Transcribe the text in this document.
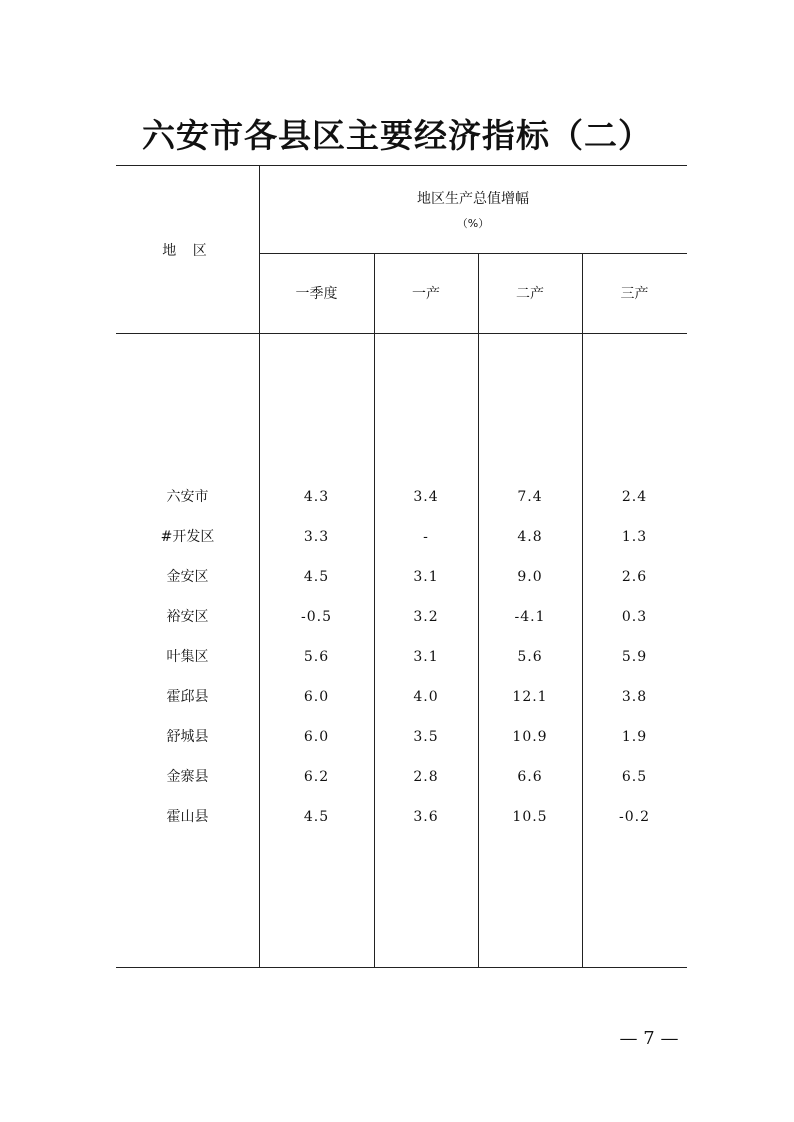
六安市各县区主要经济指标（二）
地 区
地区生产总值增幅
（%）
一季度	一产	二产	三产
六安市	4.3	3.4	7.4	2.4
#开发区	3.3	-	4.8	1.3
金安区	4.5	3.1	9.0	2.6
裕安区	-0.5	3.2	-4.1	0.3
叶集区	5.6	3.1	5.6	5.9
霍邱县	6.0	4.0	12.1	3.8
舒城县	6.0	3.5	10.9	1.9
金寨县	6.2	2.8	6.6	6.5
霍山县	4.5	3.6	10.5	-0.2
— 7 —
